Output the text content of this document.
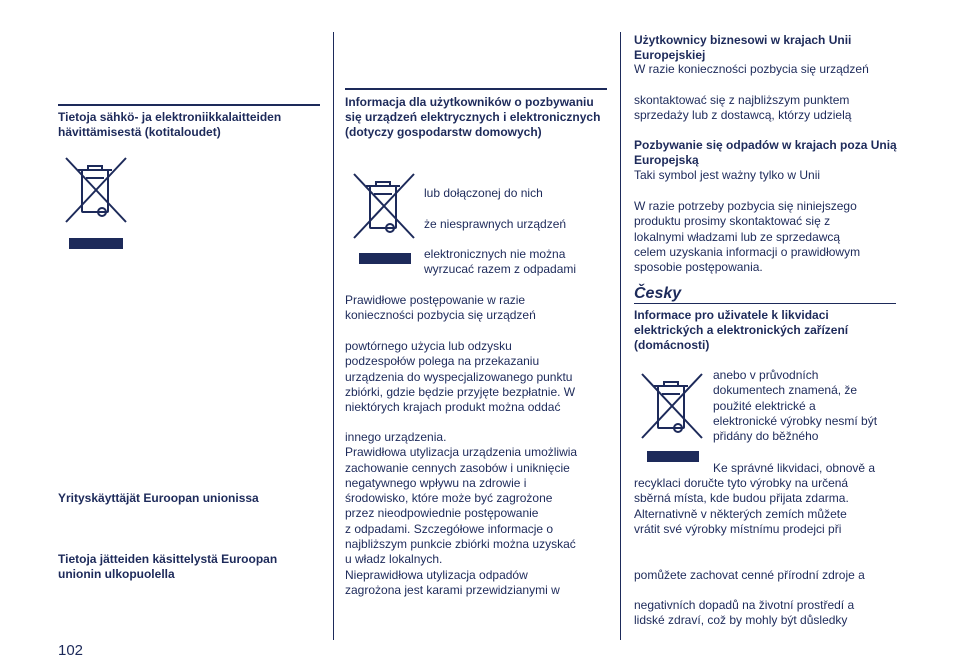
Tietoja sähkö- ja elektroniikkalaitteiden hävittämisestä (kotitaloudet)
Yrityskäyttäjät Euroopan unionissa
Tietoja jätteiden käsittelystä Euroopan unionin ulkopuolella
102
Informacja dla użytkowników o pozbywaniu się urządzeń elektrycznych i elektronicznych (dotyczy gospodarstw domowych)
lub dołączonej do nich
że niesprawnych urządzeń
elektronicznych nie można
wyrzucać razem z odpadami
Prawidłowe postępowanie w razie
konieczności pozbycia się urządzeń
powtórnego użycia lub odzysku
podzespołów polega na przekazaniu
urządzenia do wyspecjalizowanego punktu
zbiórki, gdzie będzie przyjęte bezpłatnie. W
niektórych krajach produkt można oddać
innego urządzenia.
Prawidłowa utylizacja urządzenia umożliwia
zachowanie cennych zasobów i uniknięcie
negatywnego wpływu na zdrowie i
środowisko, które może być zagrożone
przez nieodpowiednie postępowanie
z odpadami. Szczegółowe informacje o
najbliższym punkcie zbiórki można uzyskać
u władz lokalnych.
Nieprawidłowa utylizacja odpadów
zagrożona jest karami przewidzianymi w
Użytkownicy biznesowi w krajach Unii Europejskiej
W razie konieczności pozbycia się urządzeń
skontaktować się z najbliższym punktem
sprzedaży lub z dostawcą, którzy udzielą
Pozbywanie się odpadów w krajach poza Unią Europejską
Taki symbol jest ważny tylko w Unii
W razie potrzeby pozbycia się niniejszego
produktu prosimy skontaktować się z
lokalnymi władzami lub ze sprzedawcą
celem uzyskania informacji o prawidłowym
sposobie postępowania.
Česky
Informace pro uživatele k likvidaci elektrických a elektronických zařízení (domácnosti)
anebo v průvodních
dokumentech znamená, že
použité elektrické a
elektronické výrobky nesmí být
přidány do běžného
Ke správné likvidaci, obnově a
recyklaci doručte tyto výrobky na určená
sběrná místa, kde budou přijata zdarma.
Alternativně v některých zemích můžete
vrátit své výrobky místnímu prodejci při
pomůžete zachovat cenné přírodní zdroje a
negativních dopadů na životní prostředí a
lidské zdraví, což by mohly být důsledky
